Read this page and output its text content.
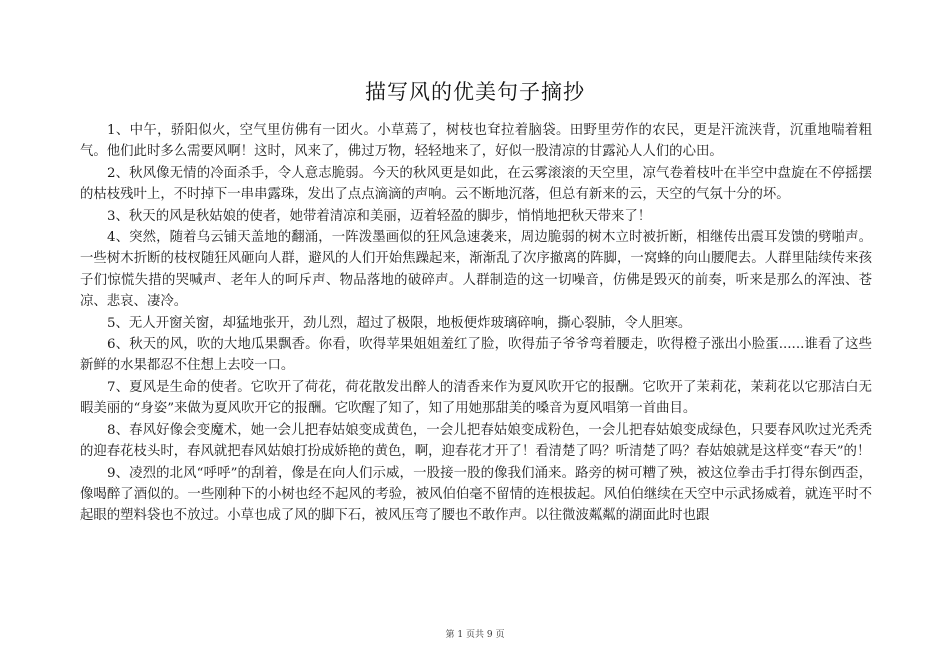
描写风的优美句子摘抄

1、中午，骄阳似火，空气里仿佛有一团火。小草蔫了，树枝也耷拉着脑袋。田野里劳作的农民，更是汗流浃背，沉重地喘着粗气。他们此时多么需要风啊！这时，风来了，佛过万物，轻轻地来了，好似一股清凉的甘露沁人人们的心田。

2、秋风像无情的冷面杀手，令人意志脆弱。今天的秋风更是如此，在云雾滚滚的天空里，凉气卷着枝叶在半空中盘旋在不停摇摆的枯枝残叶上，不时掉下一串串露珠，发出了点点滴滴的声响。云不断地沉落，但总有新来的云，天空的气氛十分的坏。

3、秋天的风是秋姑娘的使者，她带着清凉和美丽，迈着轻盈的脚步，悄悄地把秋天带来了！

4、突然，随着乌云铺天盖地的翻涌，一阵泼墨画似的狂风急速袭来，周边脆弱的树木立时被折断，相继传出震耳发馈的劈啪声。一些树木折断的枝杈随狂风砸向人群，避风的人们开始焦躁起来，渐渐乱了次序撤离的阵脚，一窝蜂的向山腰爬去。人群里陆续传来孩子们惊慌失措的哭喊声、老年人的呵斥声、物品落地的破碎声。人群制造的这一切噪音，仿佛是毁灭的前奏，听来是那么的浑浊、苍凉、悲哀、凄冷。

5、无人开窗关窗，却猛地张开，劲儿烈，超过了极限，地板便炸玻璃碎响，撕心裂肺，令人胆寒。

6、秋天的风，吹的大地瓜果飘香。你看，吹得苹果姐姐羞红了脸，吹得茄子爷爷弯着腰走，吹得橙子涨出小脸蛋......谁看了这些新鲜的水果都忍不住想上去咬一口。

7、夏风是生命的使者。它吹开了荷花，荷花散发出醉人的清香来作为夏风吹开它的报酬。它吹开了茉莉花，茉莉花以它那洁白无暇美丽的“身姿”来做为夏风吹开它的报酬。它吹醒了知了，知了用她那甜美的嗓音为夏风唱第一首曲目。

8、春风好像会变魔术，她一会儿把春姑娘变成黄色，一会儿把春姑娘变成粉色，一会儿把春姑娘变成绿色，只要春风吹过光秃秃的迎春花枝头时，春风就把春风姑娘打扮成娇艳的黄色，啊，迎春花才开了！看清楚了吗？听清楚了吗？春姑娘就是这样变“春天”的！

9、凌烈的北风“呼呼”的刮着，像是在向人们示威，一股接一股的像我们涌来。路旁的树可糟了殃，被这位拳击手打得东倒西歪，像喝醉了酒似的。一些刚种下的小树也经不起风的考验，被风伯伯毫不留情的连根拔起。风伯伯继续在天空中示武扬威着，就连平时不起眼的塑料袋也不放过。小草也成了风的脚下石，被风压弯了腰也不敢作声。以往微波粼粼的湖面此时也跟

第 1 页共 9 页
